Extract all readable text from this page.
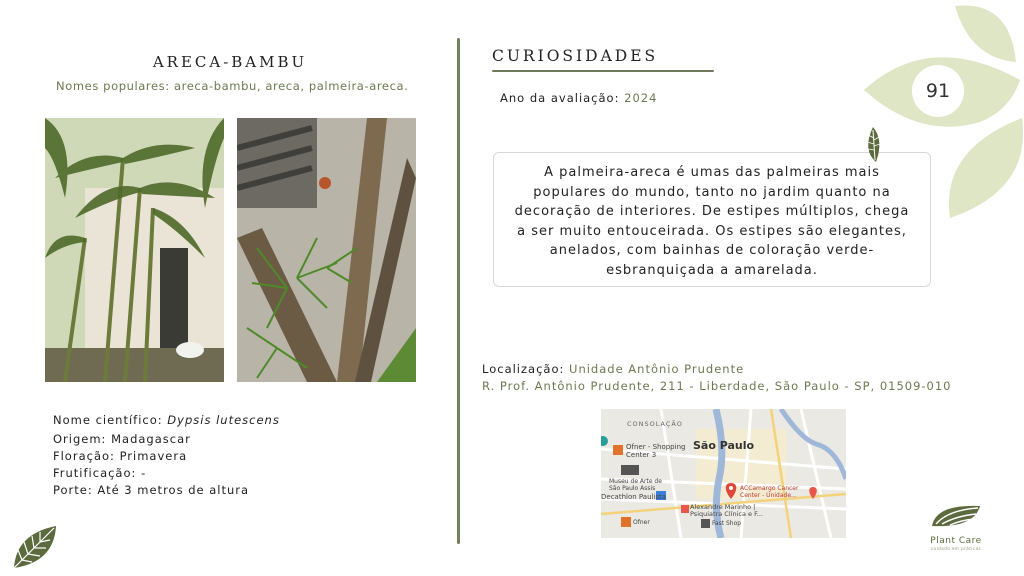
ARECA-BAMBU
Nomes populares: areca-bambu, areca, palmeira-areca.
Nome científico: Dypsis lutescens
Origem: Madagascar
Floração: Primavera
Frutificação: -
Porte: Até 3 metros de altura
CURIOSIDADES
Ano da avaliação: 2024
A palmeira-areca é umas das palmeiras mais populares do mundo, tanto no jardim quanto na decoração de interiores. De estipes múltiplos, chega a ser muito entouceirada. Os estipes são elegantes, anelados, com bainhas de coloração verde-esbranquiçada a amarelada.
Localização: Unidade Antônio Prudente
R. Prof. Antônio Prudente, 211 - Liberdade, São Paulo - SP, 01509-010
CONSOLAÇÃO
São Paulo
Ofner - Shopping
Center 3
Museu de Arte de
São Paulo Assis
Decathlon Paulista
ACCamargo Cancer
Center - Unidade...
Alexandre Marinho |
Psiquiatra Clínica e F...
Ofner	Fast Shop
91
Plant Care
cuidado em práticas
